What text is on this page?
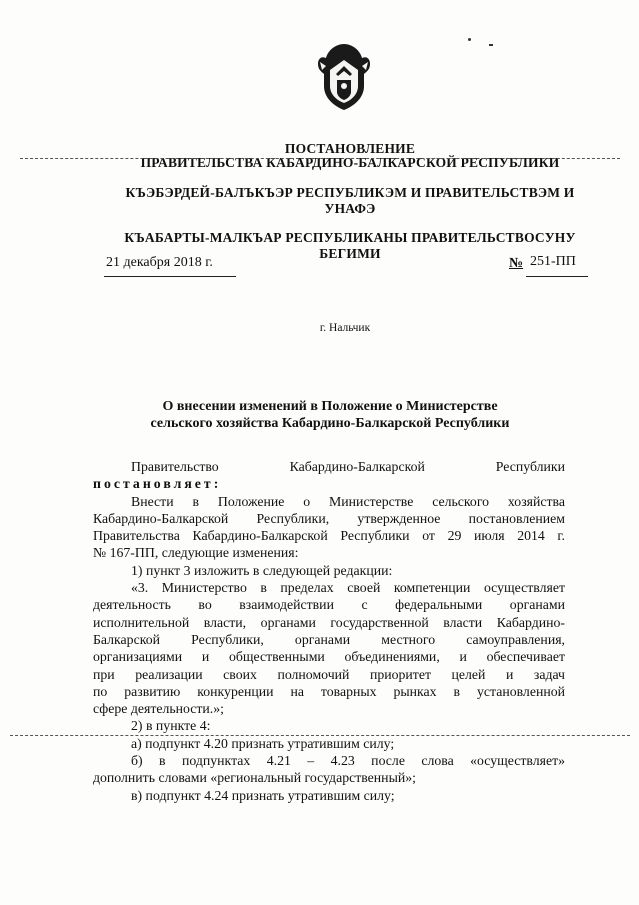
ПОСТАНОВЛЕНИЕ
ПРАВИТЕЛЬСТВА КАБАРДИНО-БАЛКАРСКОЙ РЕСПУБЛИКИ
КЪЭБЭРДЕЙ-БАЛЪКЪЭР РЕСПУБЛИКЭМ И ПРАВИТЕЛЬСТВЭМ И
УНАФЭ
КЪАБАРТЫ-МАЛКЪАР РЕСПУБЛИКАНЫ ПРАВИТЕЛЬСТВОСУНУ
БЕГИМИ
21 декабря 2018 г.	№ 251-ПП
г. Нальчик
О внесении изменений в Положение о Министерстве
сельского хозяйства Кабардино-Балкарской Республики
Правительство	Кабардино-Балкарской	Республики
постановляет:
Внести в Положение о Министерстве сельского хозяйства
Кабардино-Балкарской Республики, утвержденное постановлением
Правительства Кабардино-Балкарской Республики от 29 июля 2014 г.
№ 167-ПП, следующие изменения:
1) пункт 3 изложить в следующей редакции:
«3. Министерство в пределах своей компетенции осуществляет
деятельность во взаимодействии с федеральными органами
исполнительной власти, органами государственной власти Кабардино-
Балкарской Республики, органами местного самоуправления,
организациями и общественными объединениями, и обеспечивает
при реализации своих полномочий приоритет целей и задач
по развитию конкуренции на товарных рынках в установленной
сфере деятельности.»;
2) в пункте 4:
а) подпункт 4.20 признать утратившим силу;
б) в подпунктах 4.21 – 4.23 после слова «осуществляет»
дополнить словами «региональный государственный»;
в) подпункт 4.24 признать утратившим силу;
